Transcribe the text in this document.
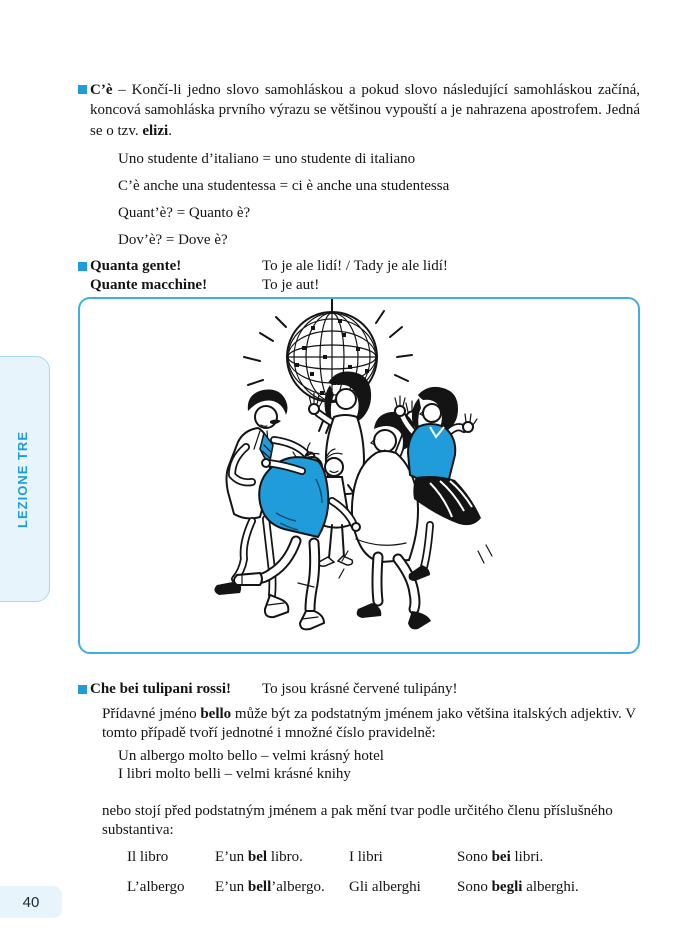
LEZIONE TRE
40

C’è – Končí-li jedno slovo samohláskou a pokud slovo následující samohláskou začíná, koncová samohláska prvního výrazu se většinou vypouští a je nahrazena apostrofem. Jedná se o tzv. elizi.

Uno studente d’italiano = uno studente di italiano
C’è anche una studentessa = ci è anche una studentessa
Quant’è? = Quanto è?
Dov’è? = Dove è?
Quanta gente!	To je ale lidí! / Tady je ale lidí!
Quante macchine!	To je aut!
Che bei tulipani rossi!	To jsou krásné červené tulipány!

Přídavné jméno bello může být za podstatným jménem jako většina italských adjektiv. V tomto případě tvoří jednotné i množné číslo pravidelně:

Un albergo molto bello – velmi krásný hotel
I libri molto belli – velmi krásné knihy

nebo stojí před podstatným jménem a pak mění tvar podle určitého členu příslušného substantiva:

Il libro	E’un bel libro.	I libri	Sono bei libri.
L’albergo	E’un bell’albergo.	Gli alberghi	Sono begli alberghi.
